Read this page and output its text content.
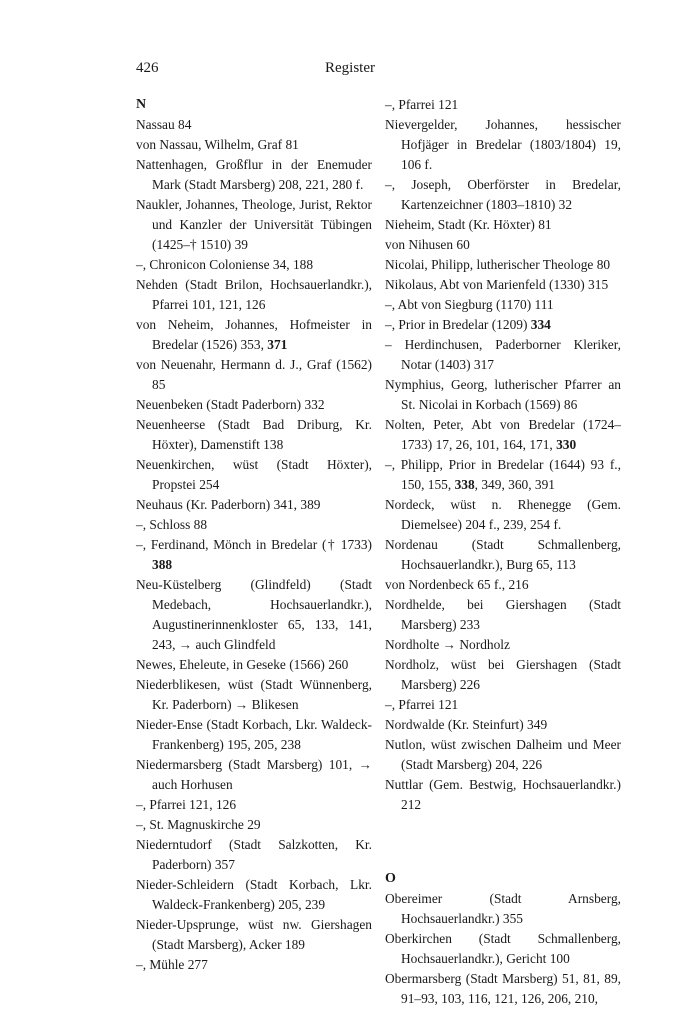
426	Register
N
Nassau 84
von Nassau, Wilhelm, Graf 81
Nattenhagen, Großflur in der Enemuder Mark (Stadt Marsberg) 208, 221, 280 f.
Naukler, Johannes, Theologe, Jurist, Rektor und Kanzler der Universität Tübingen (1425–† 1510) 39
–, Chronicon Coloniense 34, 188
Nehden (Stadt Brilon, Hochsauerlandkr.), Pfarrei 101, 121, 126
von Neheim, Johannes, Hofmeister in Bredelar (1526) 353, 371
von Neuenahr, Hermann d. J., Graf (1562) 85
Neuenbeken (Stadt Paderborn) 332
Neuenheerse (Stadt Bad Driburg, Kr. Höxter), Damenstift 138
Neuenkirchen, wüst (Stadt Höxter), Propstei 254
Neuhaus (Kr. Paderborn) 341, 389
–, Schloss 88
–, Ferdinand, Mönch in Bredelar († 1733) 388
Neu-Küstelberg (Glindfeld) (Stadt Medebach, Hochsauerlandkr.), Augustinerinnenkloster 65, 133, 141, 243, → auch Glindfeld
Newes, Eheleute, in Geseke (1566) 260
Niederblikesen, wüst (Stadt Wünnenberg, Kr. Paderborn) → Blikesen
Nieder-Ense (Stadt Korbach, Lkr. Waldeck-Frankenberg) 195, 205, 238
Niedermarsberg (Stadt Marsberg) 101, → auch Horhusen
–, Pfarrei 121, 126
–, St. Magnuskirche 29
Niederntudorf (Stadt Salzkotten, Kr. Paderborn) 357
Nieder-Schleidern (Stadt Korbach, Lkr. Waldeck-Frankenberg) 205, 239
Nieder-Upsprunge, wüst nw. Giershagen (Stadt Marsberg), Acker 189
–, Mühle 277
–, Pfarrei 121
Nievergelder, Johannes, hessischer Hofjäger in Bredelar (1803/1804) 19, 106 f.
–, Joseph, Oberförster in Bredelar, Kartenzeichner (1803–1810) 32
Nieheim, Stadt (Kr. Höxter) 81
von Nihusen 60
Nicolai, Philipp, lutherischer Theologe 80
Nikolaus, Abt von Marienfeld (1330) 315
–, Abt von Siegburg (1170) 111
–, Prior in Bredelar (1209) 334
– Herdinchusen, Paderborner Kleriker, Notar (1403) 317
Nymphius, Georg, lutherischer Pfarrer an St. Nicolai in Korbach (1569) 86
Nolten, Peter, Abt von Bredelar (1724–1733) 17, 26, 101, 164, 171, 330
–, Philipp, Prior in Bredelar (1644) 93 f., 150, 155, 338, 349, 360, 391
Nordeck, wüst n. Rhenegge (Gem. Diemelsee) 204 f., 239, 254 f.
Nordenau (Stadt Schmallenberg, Hochsauerlandkr.), Burg 65, 113
von Nordenbeck 65 f., 216
Nordhelde, bei Giershagen (Stadt Marsberg) 233
Nordholte → Nordholz
Nordholz, wüst bei Giershagen (Stadt Marsberg) 226
–, Pfarrei 121
Nordwalde (Kr. Steinfurt) 349
Nutlon, wüst zwischen Dalheim und Meer (Stadt Marsberg) 204, 226
Nuttlar (Gem. Bestwig, Hochsauerlandkr.) 212
O
Obereimer (Stadt Arnsberg, Hochsauerlandkr.) 355
Oberkirchen (Stadt Schmallenberg, Hochsauerlandkr.), Gericht 100
Obermarsberg (Stadt Marsberg) 51, 81, 89, 91–93, 103, 116, 121, 126, 206, 210,
